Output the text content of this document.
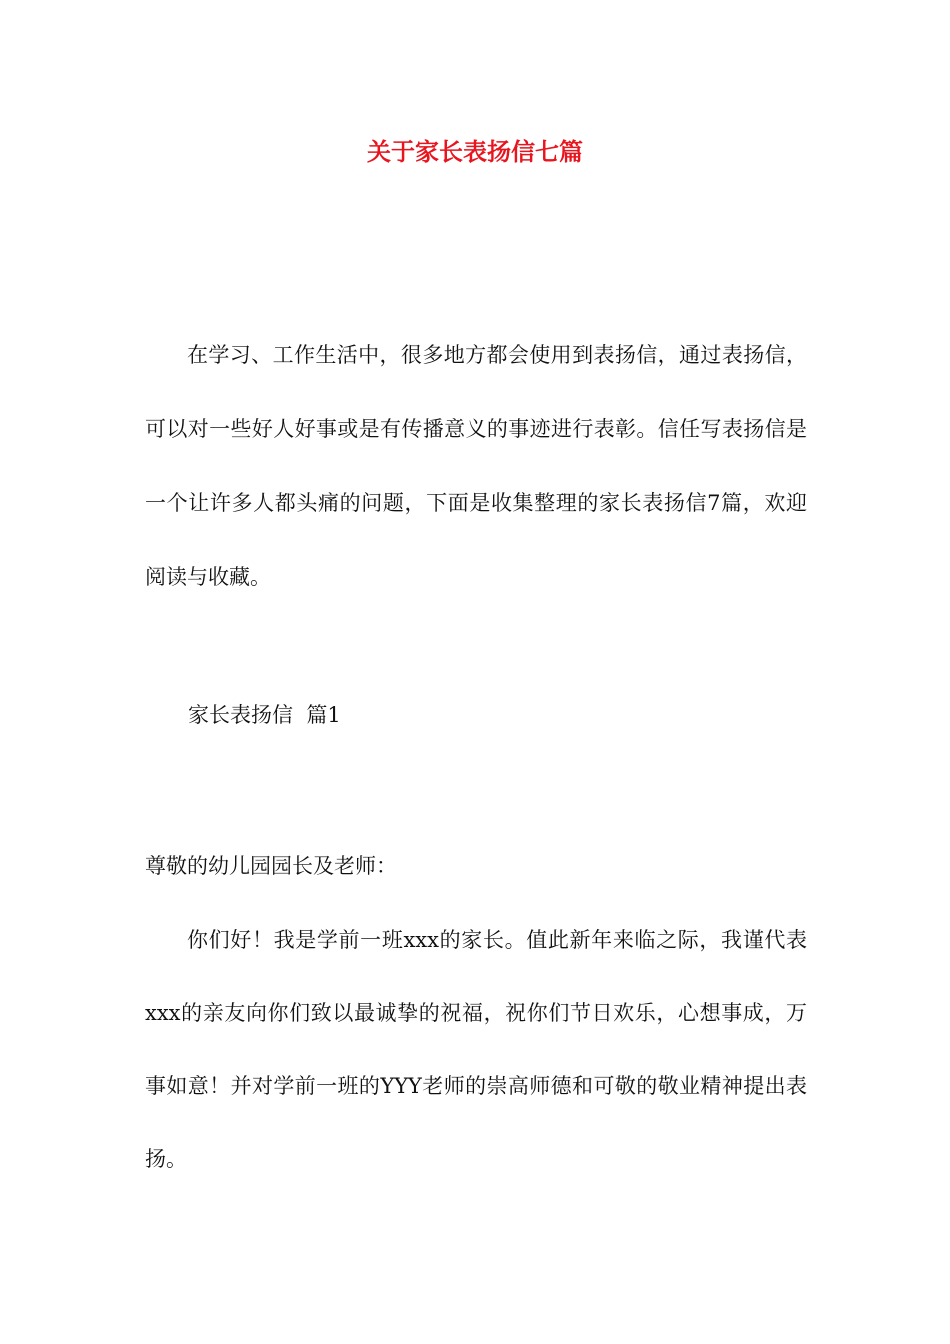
关于家长表扬信七篇

在学习、工作生活中，很多地方都会使用到表扬信，通过表扬信，可以对一些好人好事或是有传播意义的事迹进行表彰。信任写表扬信是一个让许多人都头痛的问题，下面是收集整理的家长表扬信7篇，欢迎阅读与收藏。

家长表扬信  篇1

尊敬的幼儿园园长及老师：

你们好！我是学前一班xxx的家长。值此新年来临之际，我谨代表xxx的亲友向你们致以最诚挚的祝福，祝你们节日欢乐，心想事成，万事如意！并对学前一班的YYY老师的崇高师德和可敬的敬业精神提出表扬。
